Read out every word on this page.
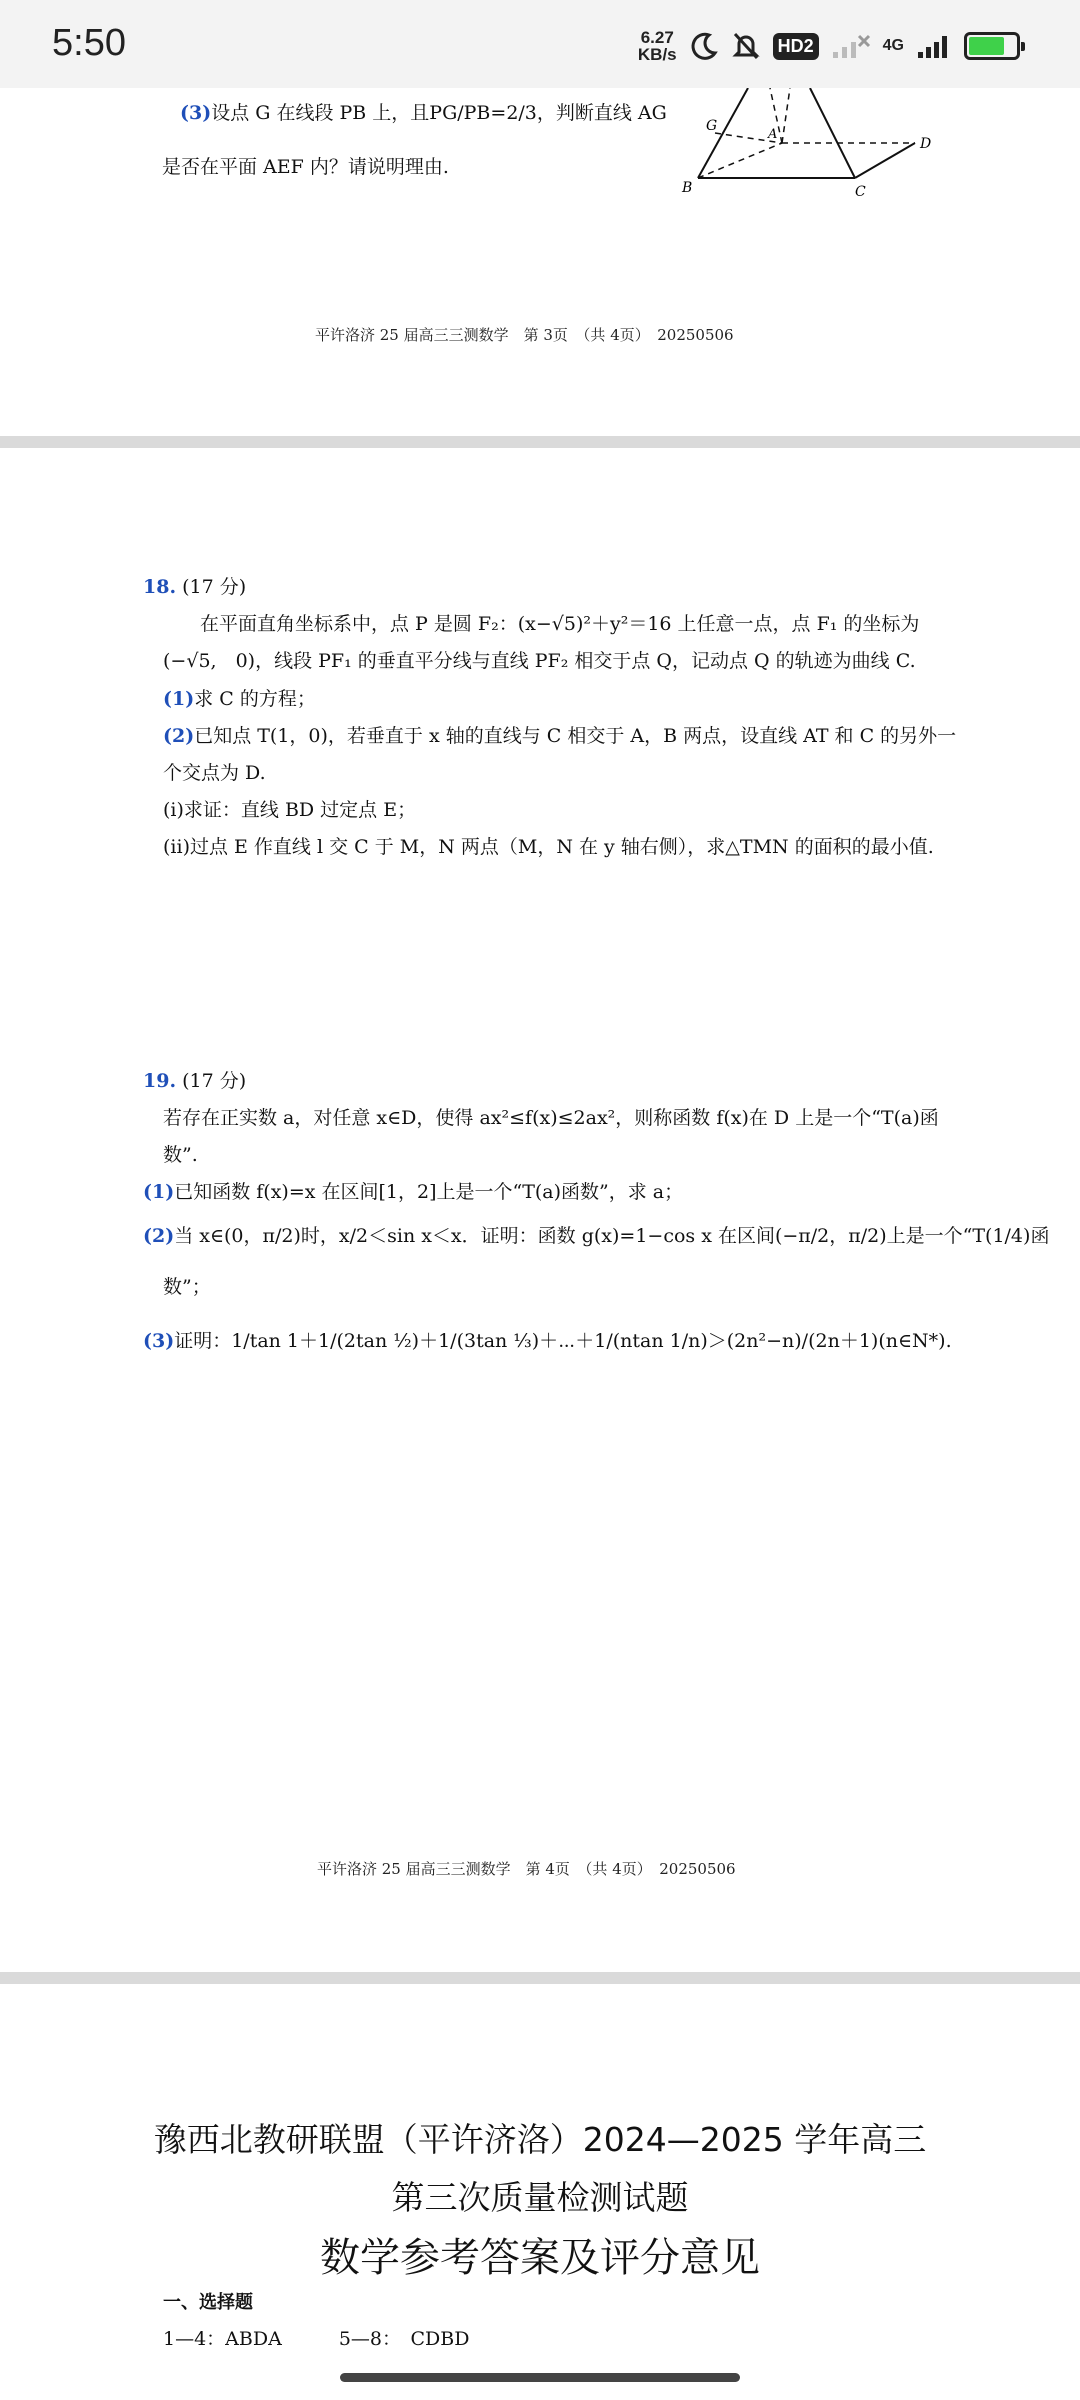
5:50	6.27
KB/s	HD2	4G
(3)设点 G 在线段 PB 上，且PG/PB=2/3，判断直线 AG
是否在平面 AEF 内？请说明理由.
G
A
D
B	C
平许洛济 25 届高三三测数学　第 3页　（共 4页）　20250506
18. (17 分)
在平面直角坐标系中，点 P 是圆 F₂：(x−√5)²＋y²＝16 上任意一点，点 F₁ 的坐标为
(−√5,　0)，线段 PF₁ 的垂直平分线与直线 PF₂ 相交于点 Q，记动点 Q 的轨迹为曲线 C.
(1)求 C 的方程；
(2)已知点 T(1，0)，若垂直于 x 轴的直线与 C 相交于 A，B 两点，设直线 AT 和 C 的另外一
个交点为 D.
(i)求证：直线 BD 过定点 E；
(ii)过点 E 作直线 l 交 C 于 M，N 两点（M，N 在 y 轴右侧），求△TMN 的面积的最小值.
19. (17 分)
若存在正实数 a，对任意 x∈D，使得 ax²≤f(x)≤2ax²，则称函数 f(x)在 D 上是一个“T(a)函
数”.
(1)已知函数 f(x)=x 在区间[1，2]上是一个“T(a)函数”，求 a；
(2)当 x∈(0，π/2)时，x/2＜sin x＜x．证明：函数 g(x)=1−cos x 在区间(−π/2，π/2)上是一个“T(1/4)函
数”；
(3)证明：1/tan 1＋1/(2tan ½)＋1/(3tan ⅓)＋⋯＋1/(ntan 1/n)＞(2n²−n)/(2n＋1)(n∈N*).
平许洛济 25 届高三三测数学　第 4页　（共 4页）　20250506
豫西北教研联盟（平许济洛）2024—2025 学年高三
第三次质量检测试题
数学参考答案及评分意见
一、选择题
1—4：ABDA　　　5—8：　CDBD
